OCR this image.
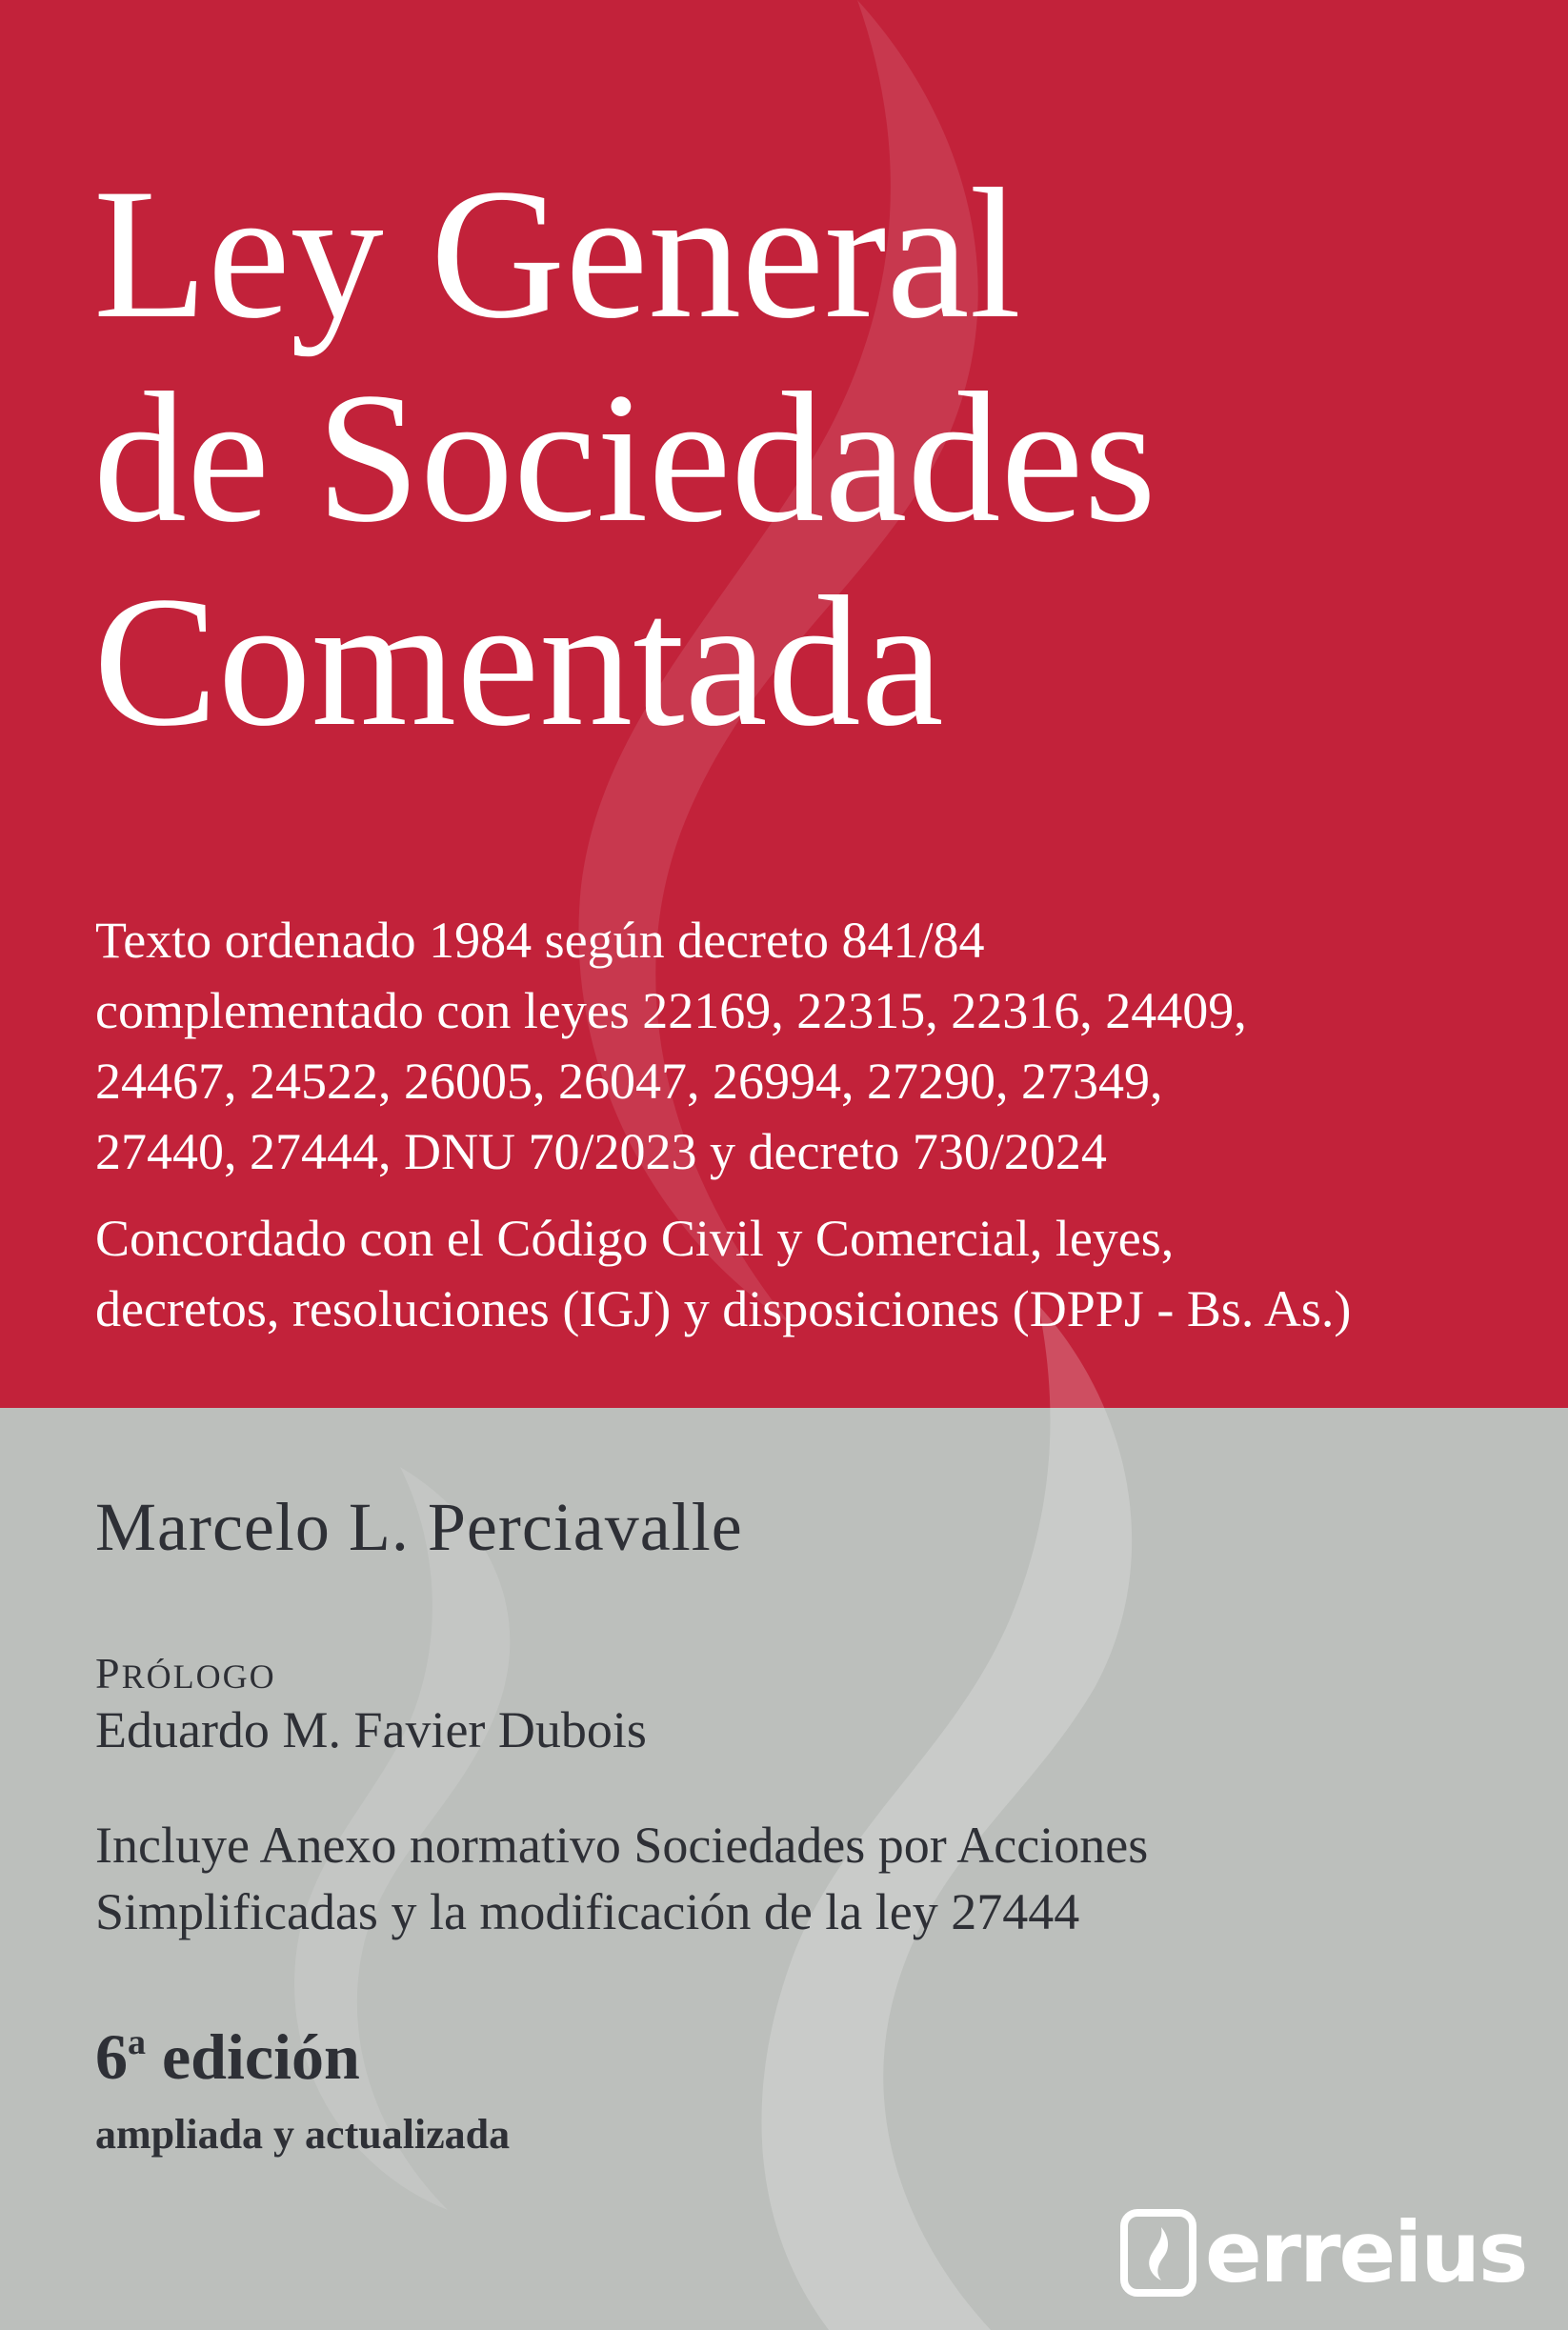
Ley General
de Sociedades
Comentada

Texto ordenado 1984 según decreto 841/84
complementado con leyes 22169, 22315, 22316, 24409,
24467, 24522, 26005, 26047, 26994, 27290, 27349,
27440, 27444, DNU 70/2023 y decreto 730/2024

Concordado con el Código Civil y Comercial, leyes,
decretos, resoluciones (IGJ) y disposiciones (DPPJ - Bs. As.)

Marcelo L. Perciavalle

PRÓLOGO

Eduardo M. Favier Dubois

Incluye Anexo normativo Sociedades por Acciones
Simplificadas y la modificación de la ley 27444

6$^a$ edición

ampliada y actualizada

erreius
